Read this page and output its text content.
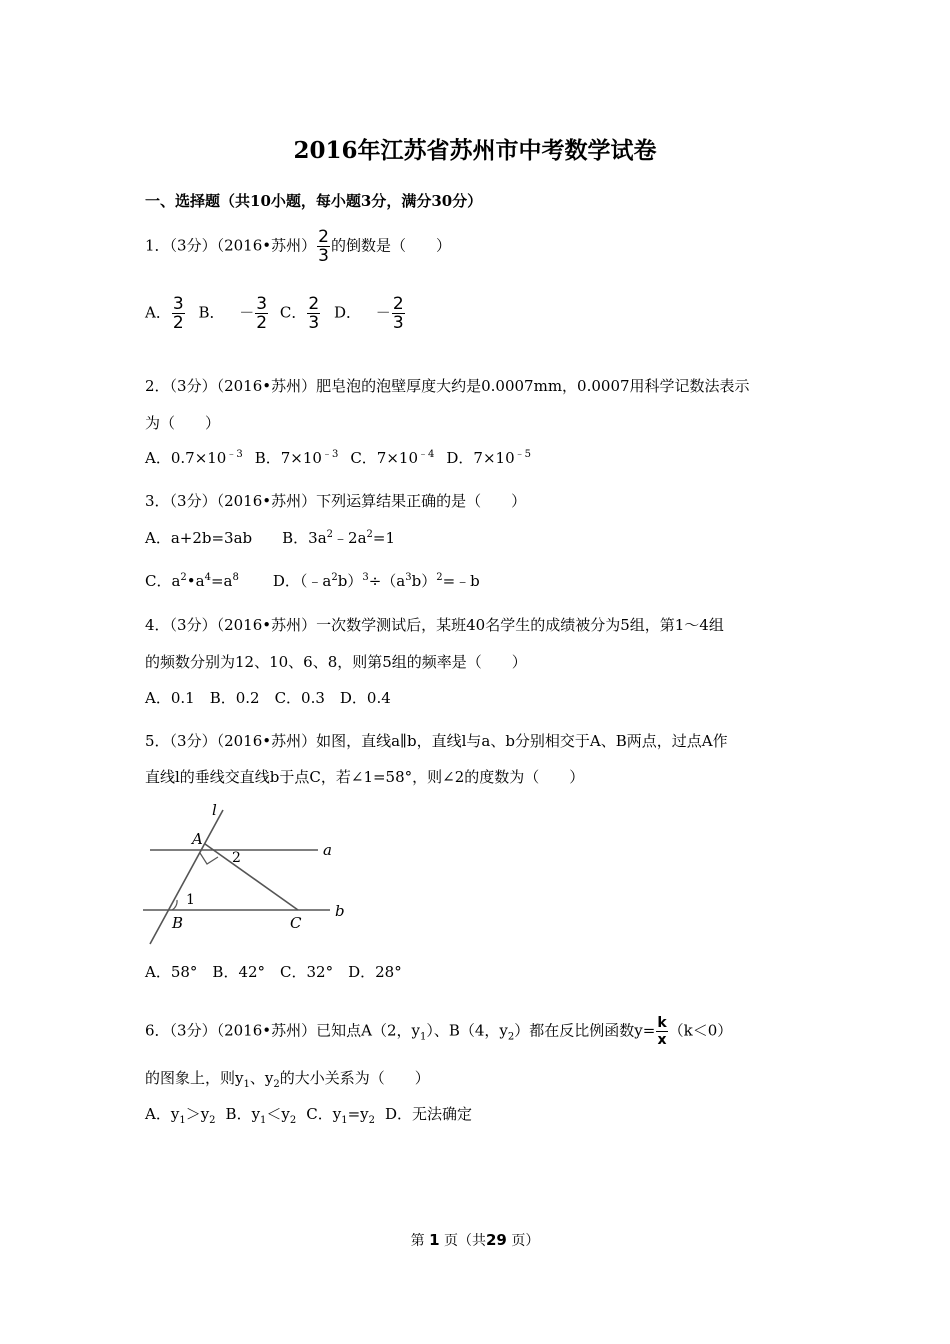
2016年江苏省苏州市中考数学试卷
一、选择题（共10小题，每小题3分，满分30分）
1．（3分）（2016•苏州） $\frac{2}{3}$ 的倒数是（　　）
A． $\frac{3}{2}$ B． － $\frac{3}{2}$ C． $\frac{2}{3}$ D． － $\frac{2}{3}$
2．（3分）（2016•苏州）肥皂泡的泡壁厚度大约是0.0007mm，0.0007用科学记数法表示
为（　　）
A．$0.7\times 10^{﹣3}$ B．$7\times 10^{﹣3}$ C．$7\times 10^{﹣4}$ D．$7\times 10^{﹣5}$
3．（3分）（2016•苏州）下列运算结果正确的是（　　）
A．a+2b=3ab B．$3a^2﹣2a^2=1$
C．$a^2•a^4=a^8$ D．$(﹣a^2b)^3\div(a^3b)^2=﹣b$
4．（3分）（2016•苏州）一次数学测试后，某班40名学生的成绩被分为5组，第1～4组
的频数分别为12、10、6、8，则第5组的频率是（　　）
A．0.1　B．0.2　C．0.3　D．0.4
5．（3分）（2016•苏州）如图，直线a∥b，直线l与a、b分别相交于A、B两点，过点A作
直线l的垂线交直线b于点C，若∠1=58°，则∠2的度数为（　　）
l
A
a
2
1
B	C
b
A．58°　B．42°　C．32°　D．28°
6．（3分）（2016•苏州）已知点A（2，$y_1$）、B（4，$y_2$）都在反比例函数$y= \frac{k}{x} (k<0)$
的图象上，则$y_1$、$y_2$的大小关系为（　　）
A．$y_1>y_2$ B．$y_1<y_2$ C．$y_1=y_2$ D．无法确定
第 1 页（共29 页）
